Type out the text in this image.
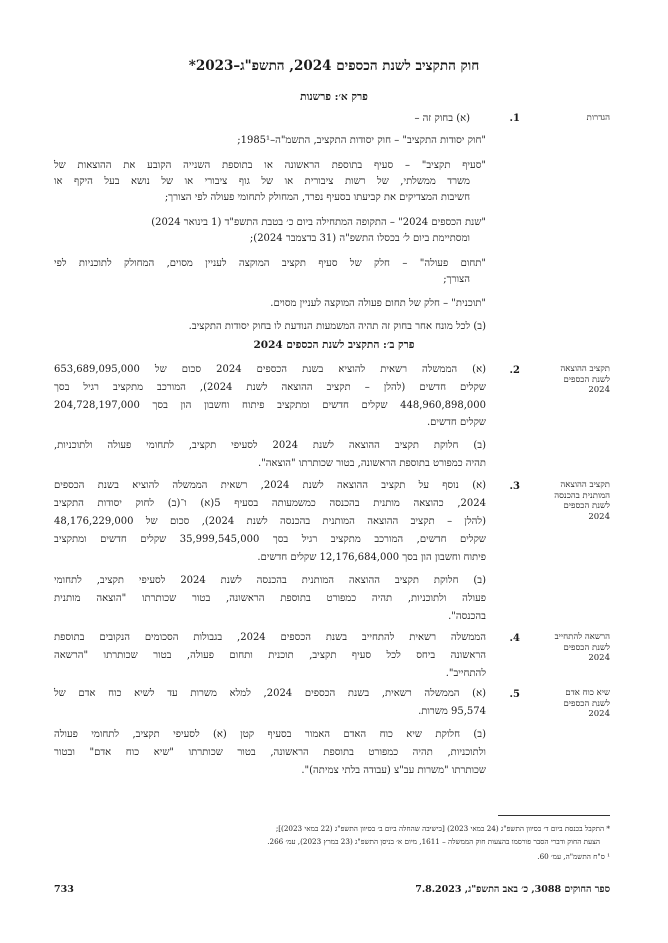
חוק התקציב לשנת הכספים 2024, התשפ"ג–2023*
פרק א׳: פרשנות
הגדרות
1.
(א) בחוק זה –
"חוק יסודות התקציב" – חוק יסודות התקציב, התשמ"ה–1985¹;
"סעיף תקציב" – סעיף בתוספת הראשונה או בתוספת השנייה הקובע את ההוצאות של
משרד ממשלתי, של רשות ציבורית או של גוף ציבורי או של נושא בעל היקף או
חשיבות המצדיקים את קביעתו בסעיף נפרד, המחולק לתחומי פעולה לפי הצורך;
"שנת הכספים 2024" – התקופה המתחילה ביום כ׳ בטבת התשפ"ד (1 בינואר 2024)
ומסתיימת ביום ל׳ בכסלו התשפ"ה (31 בדצמבר 2024);
"תחום פעולה" – חלק של סעיף תקציב המוקצה לעניין מסוים, המחולק לתוכניות לפי
הצורך;
"תוכנית" – חלק של תחום פעולה המוקצה לעניין מסוים.
(ב) לכל מונח אחר בחוק זה תהיה המשמעות הנודעת לו בחוק יסודות התקציב.
פרק ב׳: התקציב לשנת הכספים 2024
תקציב ההוצאה
לשנת הכספים
2024
2.
(א) הממשלה רשאית להוציא בשנת הכספים 2024 סכום של 653,689,095,000
שקלים חדשים (להלן – תקציב ההוצאה לשנת 2024), המורכב מתקציב רגיל בסך
448,960,898,000 שקלים חדשים ומתקציב פיתוח וחשבון הון בסך 204,728,197,000
שקלים חדשים.
(ב) חלוקת תקציב ההוצאה לשנת 2024 לסעיפי תקציב, לתחומי פעולה ולתוכניות,
תהיה כמפורט בתוספת הראשונה, בטור שכותרתו "הוצאה".
תקציב ההוצאה
המותנית בהכנסה
לשנת הכספים
2024
3.
(א) נוסף על תקציב ההוצאה לשנת 2024, רשאית הממשלה להוציא בשנת הכספים
2024, כהוצאה מותנית בהכנסה כמשמעותה בסעיף 5(א) ו־(ב) לחוק יסודות התקציב
(להלן – תקציב ההוצאה המותנית בהכנסה לשנת 2024), סכום של 48,176,229,000
שקלים חדשים, המורכב מתקציב רגיל בסך 35,999,545,000 שקלים חדשים ומתקציב
פיתוח וחשבון הון בסך 12,176,684,000 שקלים חדשים.
(ב) חלוקת תקציב ההוצאה המותנית בהכנסה לשנת 2024 לסעיפי תקציב, לתחומי
פעולה ולתוכניות, תהיה כמפורט בתוספת הראשונה, בטור שכותרתו "הוצאה מותנית
בהכנסה".
הרשאה להתחייב
לשנת הכספים
2024
4.
הממשלה רשאית להתחייב בשנת הכספים 2024, בגבולות הסכומים הנקובים בתוספת
הראשונה ביחס לכל סעיף תקציב, תוכנית ותחום פעולה, בטור שכותרתו "הרשאה
להתחייב".
שיא כוח אדם
לשנת הכספים
2024
5.
(א) הממשלה רשאית, בשנת הכספים 2024, למלא משרות עד לשיא כוח אדם של
95,574 משרות.
(ב) חלוקת שיא כוח האדם האמור בסעיף קטן (א) לסעיפי תקציב, לתחומי פעולה
ולתוכניות, תהיה כמפורט בתוספת הראשונה, בטור שכותרתו "שיא כוח אדם" ובטור
שכותרתו "משרות עב"צ (עבודה בלתי צמיתה)".
* התקבל בכנסת ביום ד׳ בסיוון התשפ"ג (24 במאי 2023) [בישיבה שהחלה ביום ב׳ בסיוון התשפ"ג (22 במאי 2023)];
הצעת החוק ודברי הסבר פורסמו בהצעות חוק הממשלה – 1611, מיום א׳ בניסן התשפ"ג (23 במרץ 2023), עמ׳ 266.
¹ ס"ח התשמ"ה, עמ׳ 60.
ספר החוקים 3088, כ׳ באב התשפ"ג, 7.8.2023
733
